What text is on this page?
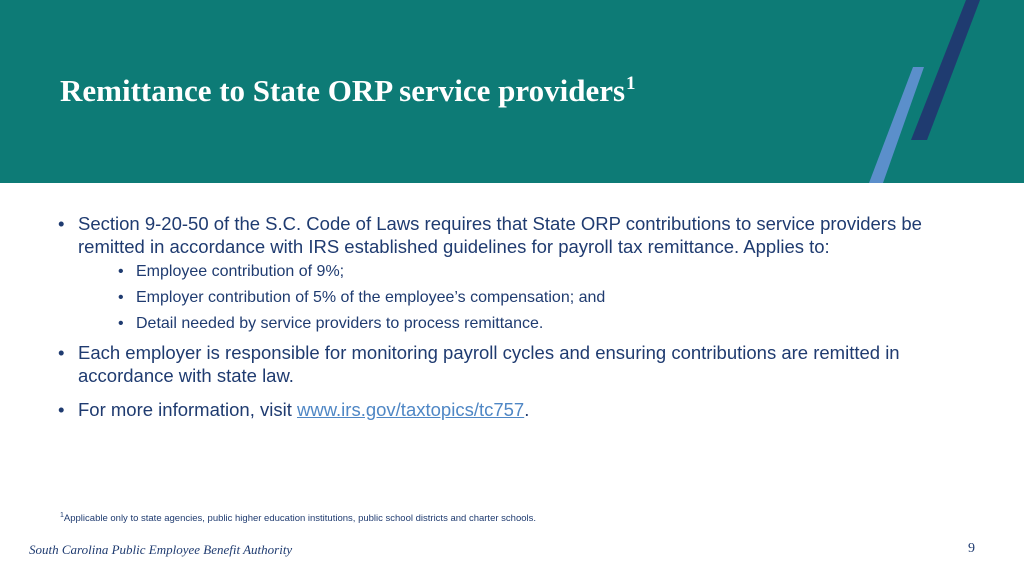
Remittance to State ORP service providers$^1$
• Section 9-20-50 of the S.C. Code of Laws requires that State ORP contributions to service providers be remitted in accordance with IRS established guidelines for payroll tax remittance. Applies to:
• Employee contribution of 9%;
• Employer contribution of 5% of the employee’s compensation; and
• Detail needed by service providers to process remittance.
• Each employer is responsible for monitoring payroll cycles and ensuring contributions are remitted in accordance with state law.
• For more information, visit www.irs.gov/taxtopics/tc757.
$^1$Applicable only to state agencies, public higher education institutions, public school districts and charter schools.
South Carolina Public Employee Benefit Authority	9
